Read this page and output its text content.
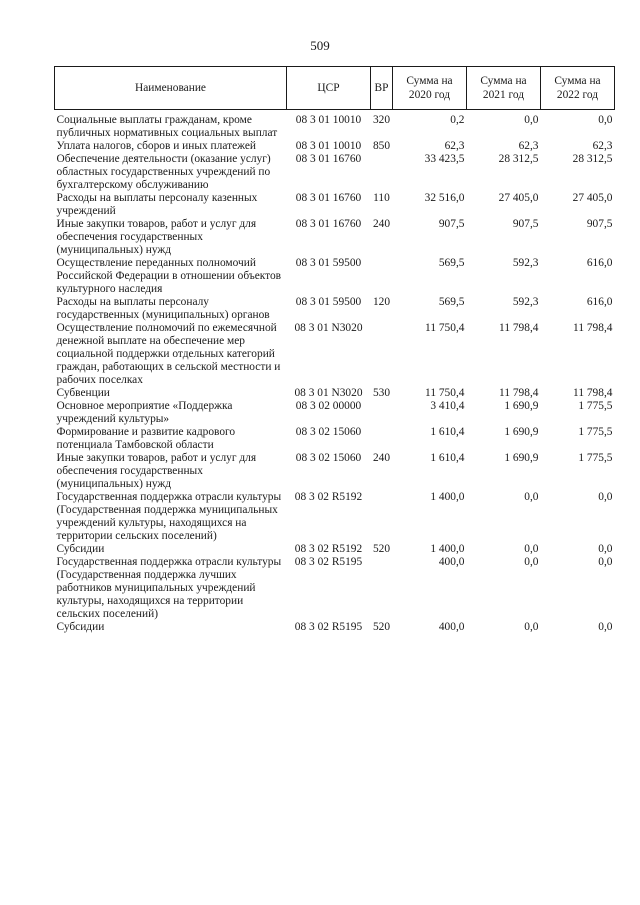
509
Наименование	ЦСР	ВР	Сумма на 2020 год	Сумма на 2021 год	Сумма на 2022 год
Социальные выплаты гражданам, кроме публичных нормативных социальных выплат	08 3 01 10010	320	0,2	0,0	0,0
Уплата налогов, сборов и иных платежей	08 3 01 10010	850	62,3	62,3	62,3
Обеспечение деятельности (оказание услуг) областных государственных учреждений по бухгалтерскому обслуживанию	08 3 01 16760		33 423,5	28 312,5	28 312,5
Расходы на выплаты персоналу казенных учреждений	08 3 01 16760	110	32 516,0	27 405,0	27 405,0
Иные закупки товаров, работ и услуг для обеспечения государственных (муниципальных) нужд	08 3 01 16760	240	907,5	907,5	907,5
Осуществление переданных полномочий Российской Федерации в отношении объектов культурного наследия	08 3 01 59500		569,5	592,3	616,0
Расходы на выплаты персоналу государственных (муниципальных) органов	08 3 01 59500	120	569,5	592,3	616,0
Осуществление полномочий по ежемесячной денежной выплате на обеспечение мер социальной поддержки отдельных категорий граждан, работающих в сельской местности и рабочих поселках	08 3 01 N3020		11 750,4	11 798,4	11 798,4
Субвенции	08 3 01 N3020	530	11 750,4	11 798,4	11 798,4
Основное мероприятие «Поддержка учреждений культуры»	08 3 02 00000		3 410,4	1 690,9	1 775,5
Формирование и развитие кадрового потенциала Тамбовской области	08 3 02 15060		1 610,4	1 690,9	1 775,5
Иные закупки товаров, работ и услуг для обеспечения государственных (муниципальных) нужд	08 3 02 15060	240	1 610,4	1 690,9	1 775,5
Государственная поддержка отрасли культуры (Государственная поддержка муниципальных учреждений культуры, находящихся на территории сельских поселений)	08 3 02 R5192		1 400,0	0,0	0,0
Субсидии	08 3 02 R5192	520	1 400,0	0,0	0,0
Государственная поддержка отрасли культуры (Государственная поддержка лучших работников муниципальных учреждений культуры, находящихся на территории сельских поселений)	08 3 02 R5195		400,0	0,0	0,0
Субсидии	08 3 02 R5195	520	400,0	0,0	0,0
